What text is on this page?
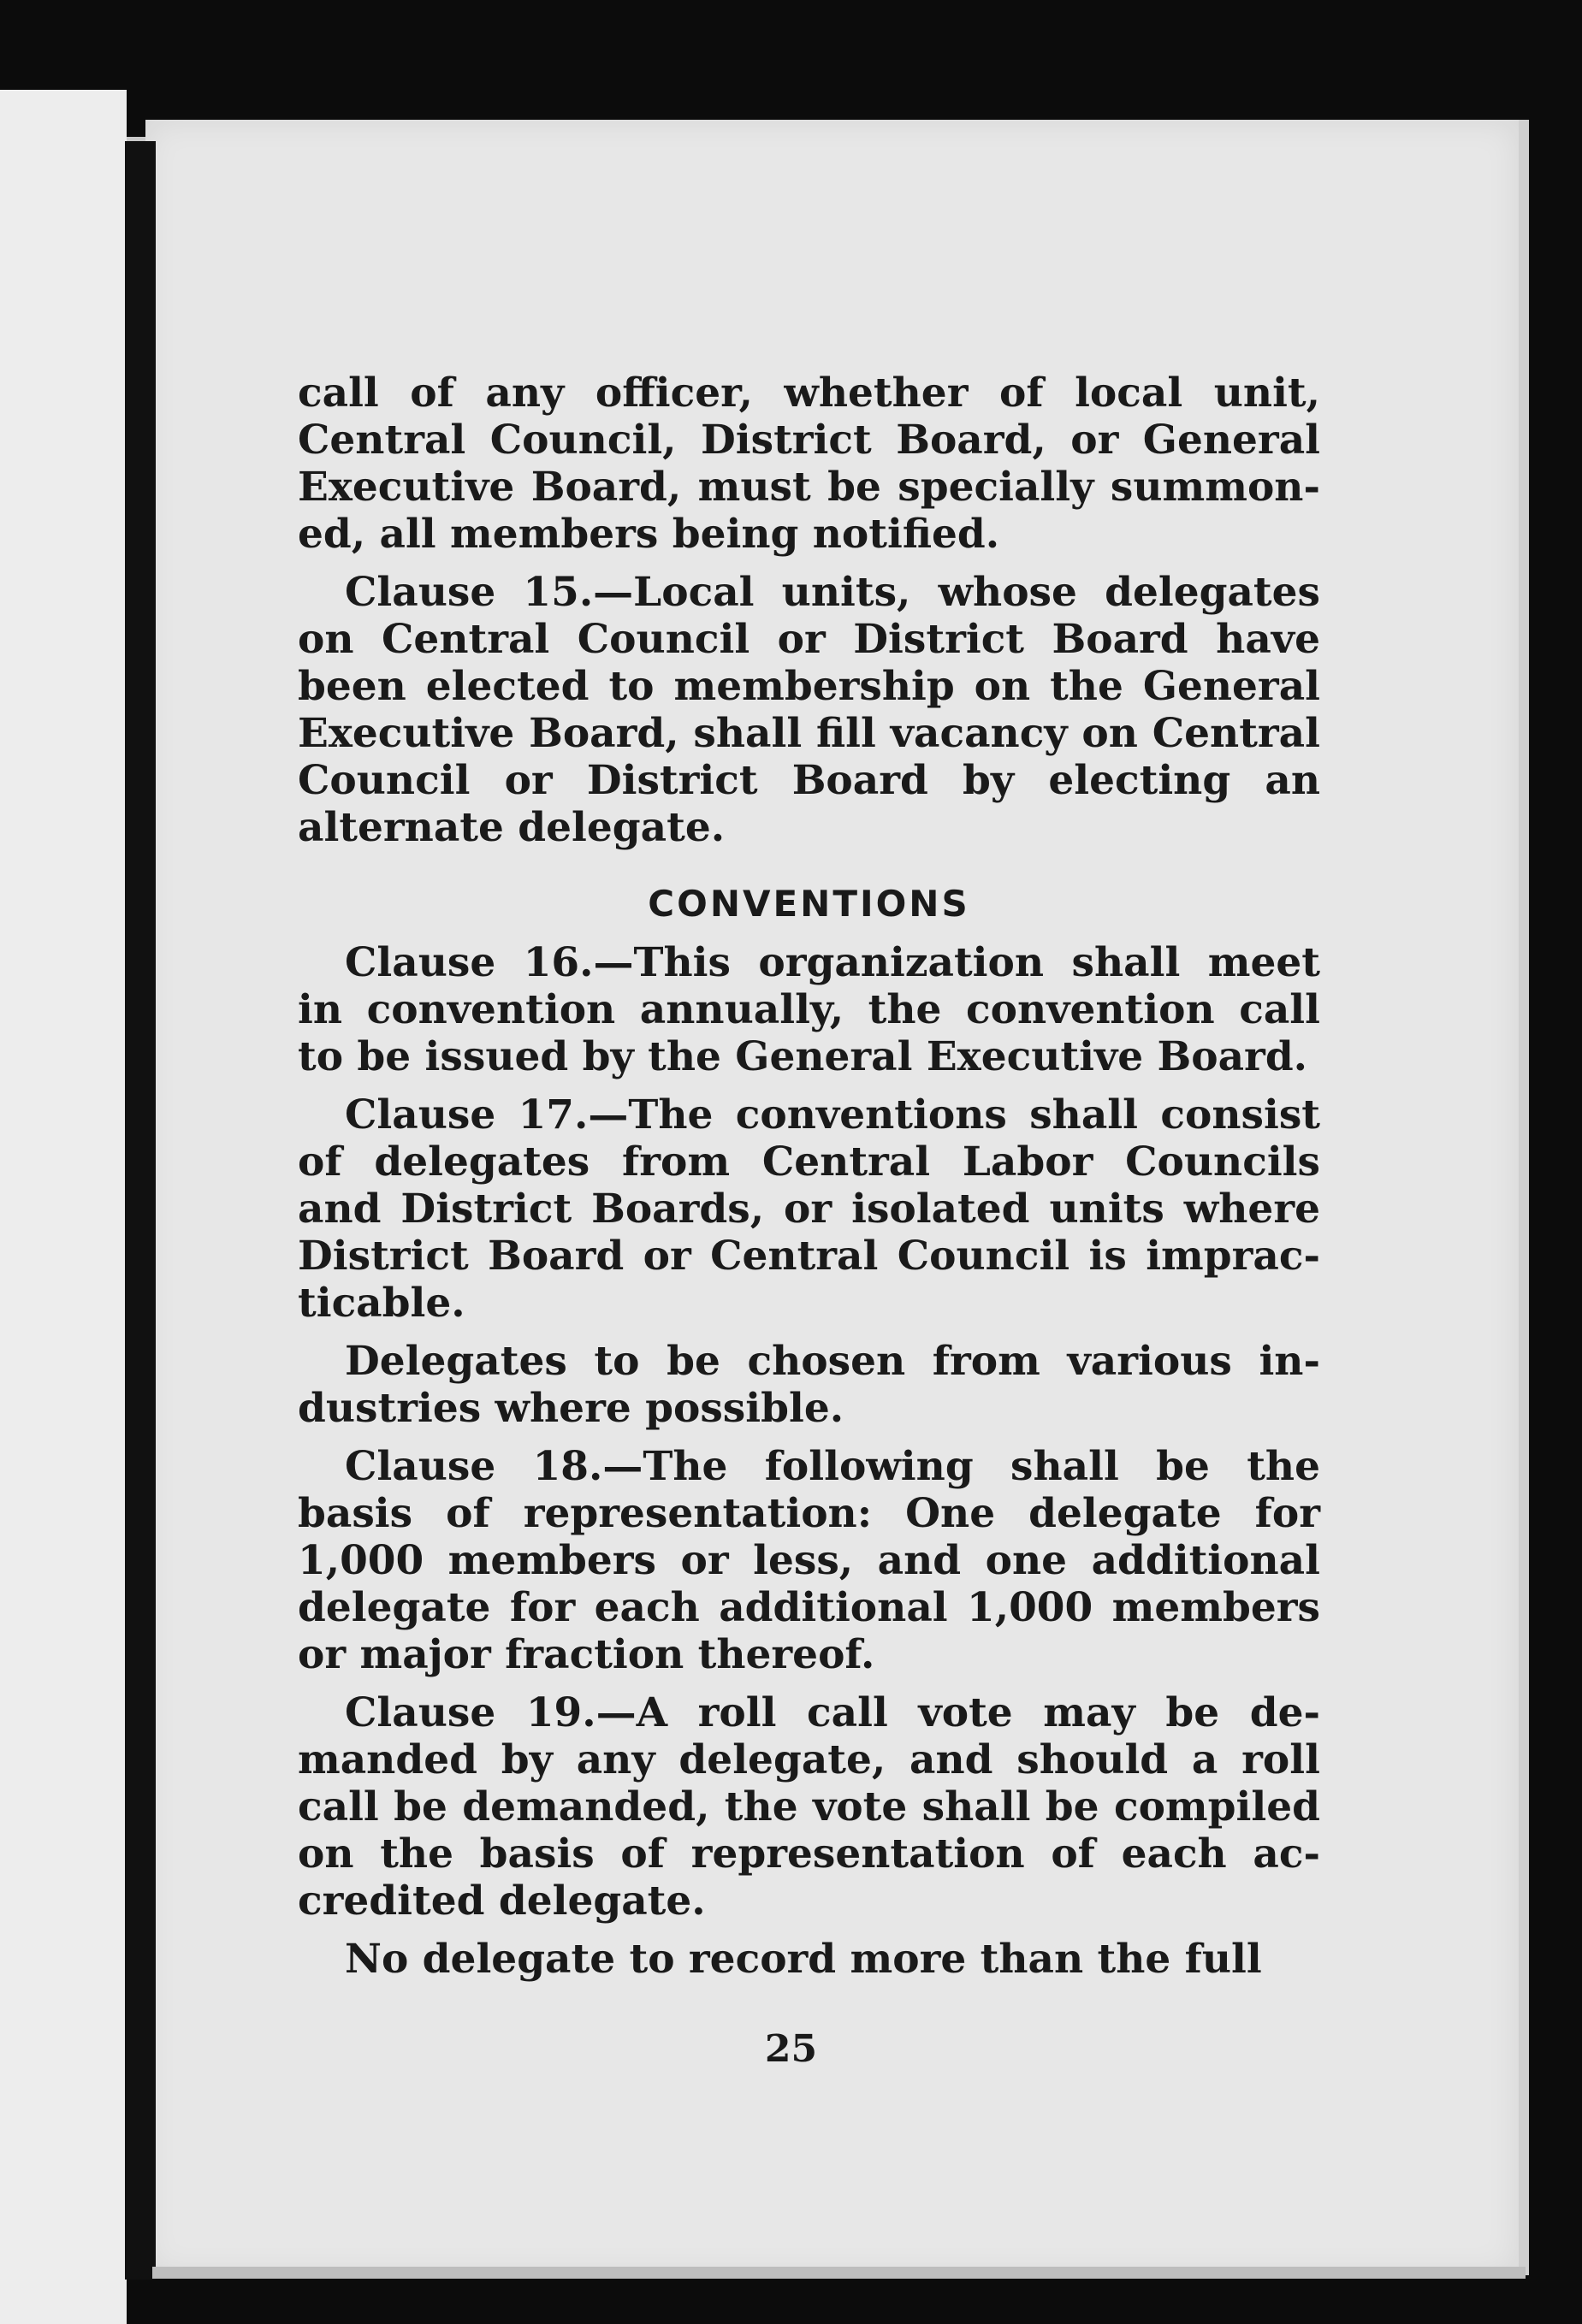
call of any officer, whether of local unit, Central Council, District Board, or General Executive Board, must be specially summoned, all members being notified.

Clause 15.—Local units, whose delegates on Central Council or District Board have been elected to membership on the General Executive Board, shall fill vacancy on Central Council or District Board by electing an alternate delegate.

CONVENTIONS

Clause 16.—This organization shall meet in convention annually, the convention call to be issued by the General Executive Board.

Clause 17.—The conventions shall consist of delegates from Central Labor Councils and District Boards, or isolated units where District Board or Central Council is impracticable.

Delegates to be chosen from various industries where possible.

Clause 18.—The following shall be the basis of representation: One delegate for 1,000 members or less, and one additional delegate for each additional 1,000 members or major fraction thereof.

Clause 19.—A roll call vote may be demanded by any delegate, and should a roll call be demanded, the vote shall be compiled on the basis of representation of each accredited delegate.

No delegate to record more than the full

25
